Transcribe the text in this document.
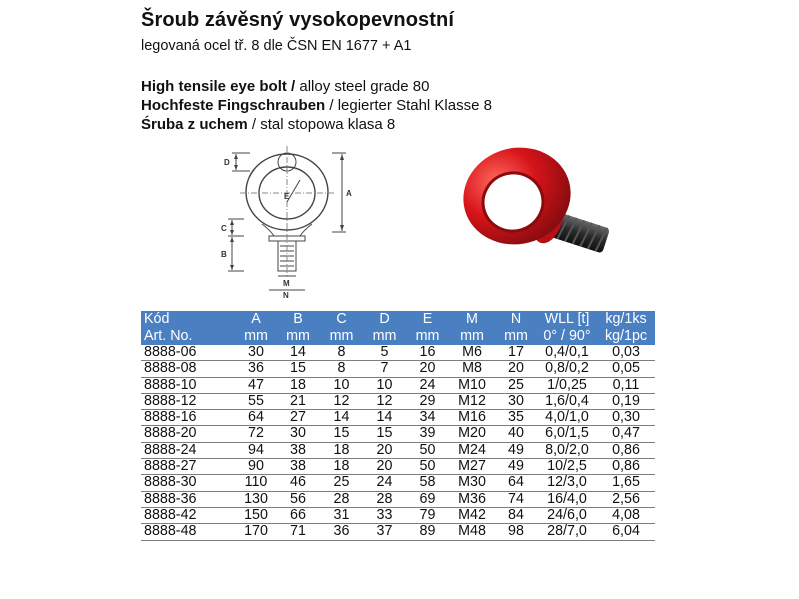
Šroub závěsný vysokopevnostní
legovaná ocel tř. 8 dle ČSN EN 1677 + A1
High tensile eye bolt / alloy steel grade 80
Hochfeste Fingschrauben / legierter Stahl Klasse 8
Śruba z uchem / stal stopowa klasa 8
A
D
C
B
E
M
N
Kód	A	B	C	D	E	M	N	WLL [t]	kg/1ks
Art. No.	mm	mm	mm	mm	mm	mm	mm	0° / 90°	kg/1pc
8888-06	30	14	8	5	16	M6	17	0,4/0,1	0,03
8888-08	36	15	8	7	20	M8	20	0,8/0,2	0,05
8888-10	47	18	10	10	24	M10	25	1/0,25	0,11
8888-12	55	21	12	12	29	M12	30	1,6/0,4	0,19
8888-16	64	27	14	14	34	M16	35	4,0/1,0	0,30
8888-20	72	30	15	15	39	M20	40	6,0/1,5	0,47
8888-24	94	38	18	20	50	M24	49	8,0/2,0	0,86
8888-27	90	38	18	20	50	M27	49	10/2,5	0,86
8888-30	110	46	25	24	58	M30	64	12/3,0	1,65
8888-36	130	56	28	28	69	M36	74	16/4,0	2,56
8888-42	150	66	31	33	79	M42	84	24/6,0	4,08
8888-48	170	71	36	37	89	M48	98	28/7,0	6,04
